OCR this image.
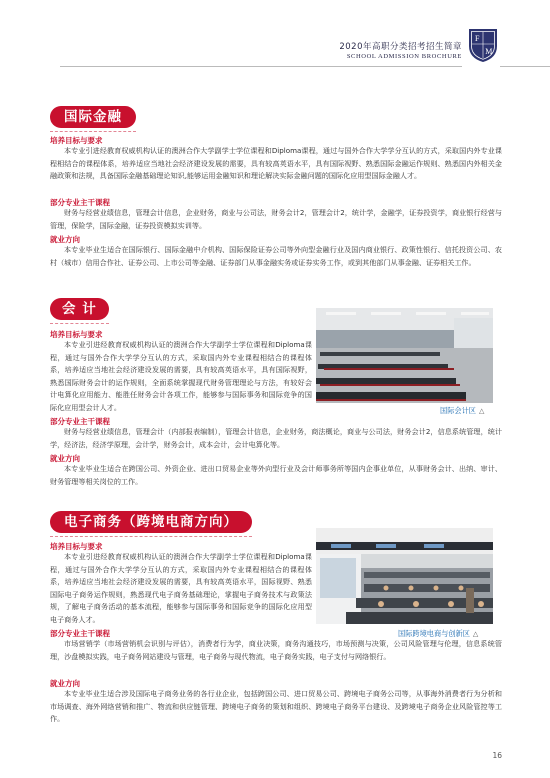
2020年高职分类招考招生简章
SCHOOL ADMISSION BROCHURE
F
M
国际金融
培养目标与要求
本专业引进经教育权威机构认证的澳洲合作大学副学士学位课程和Diploma课程，通过与国外合作大学学分互认的方式，采取国内外专业课程相结合的课程体系，培养适应当地社会经济建设发展的需要，具有较高英语水平，具有国际视野、熟悉国际金融运作规则、熟悉国内外相关金融政策和法规，具备国际金融基础理论知识,能够运用金融知识和理论解决实际金融问题的国际化应用型国际金融人才。
部分专业主干课程
财务与经营业绩信息，管理会计信息，企业财务，商业与公司法，财务会计2，管理会计2，统计学，金融学，证券投资学，商业银行经营与管理，保险学，国际金融，证券投资模拟实训等。
就业方向
本专业毕业生适合在国际银行、国际金融中介机构、国际保险证券公司等外向型金融行业及国内商业银行、政策性银行、信托投资公司、农村（城市）信用合作社、证券公司、上市公司等金融、证券部门从事金融实务或证券实务工作，或到其他部门从事金融、证券相关工作。
会 计
培养目标与要求
本专业引进经教育权威机构认证的澳洲合作大学副学士学位课程和Diploma课程，通过与国外合作大学学分互认的方式，采取国内外专业课程相结合的课程体系，培养适应当地社会经济建设发展的需要，具有较高英语水平，具有国际视野，熟悉国际财务会计的运作规则，全面系统掌握现代财务管理理论与方法，有较好会计电算化应用能力、能胜任财务会计各项工作，能够参与国际事务和国际竞争的国际化应用型会计人才。	国际会计区 △
部分专业主干课程
财务与经营业绩信息，管理会计（内部报表编制），管理会计信息，企业财务，商法概论，商业与公司法，财务会计2，信息系统管理，统计学，经济法，经济学原理，会计学，财务会计，成本会计，会计电算化等。
就业方向
本专业毕业生适合在跨国公司、外资企业、进出口贸易企业等外向型行业及会计师事务所等国内企事业单位，从事财务会计、出纳、审计、财务管理等相关岗位的工作。
电子商务（跨境电商方向）
培养目标与要求
本专业引进经教育权威机构认证的澳洲合作大学副学士学位课程和Diploma课程，通过与国外合作大学学分互认的方式，采取国内外专业课程相结合的课程体系，培养适应当地社会经济建设发展的需要，具有较高英语水平，国际视野、熟悉国际电子商务运作规则，熟悉现代电子商务基础理论，掌握电子商务技术与政策法规，了解电子商务活动的基本流程，能够参与国际事务和国际竞争的国际化应用型电子商务人才。
国际跨境电商与创新区 △
部分专业主干课程
市场营销学（市场营销机会识别与评估），消费者行为学，商业决策，商务沟通技巧，市场预测与决策，公司风险管理与伦理，信息系统管理，沙盘模拟实践，电子商务网站建设与管理，电子商务与现代物流，电子商务实践，电子支付与网络银行。
就业方向
本专业毕业生适合涉及国际电子商务业务的各行业企业，包括跨国公司、进口贸易公司、跨境电子商务公司等，从事海外消费者行为分析和市场调查、海外网络营销和推广、物流和供应链管理、跨境电子商务的策划和组织、跨境电子商务平台建设、及跨境电子商务企业风险管控等工作。
16
